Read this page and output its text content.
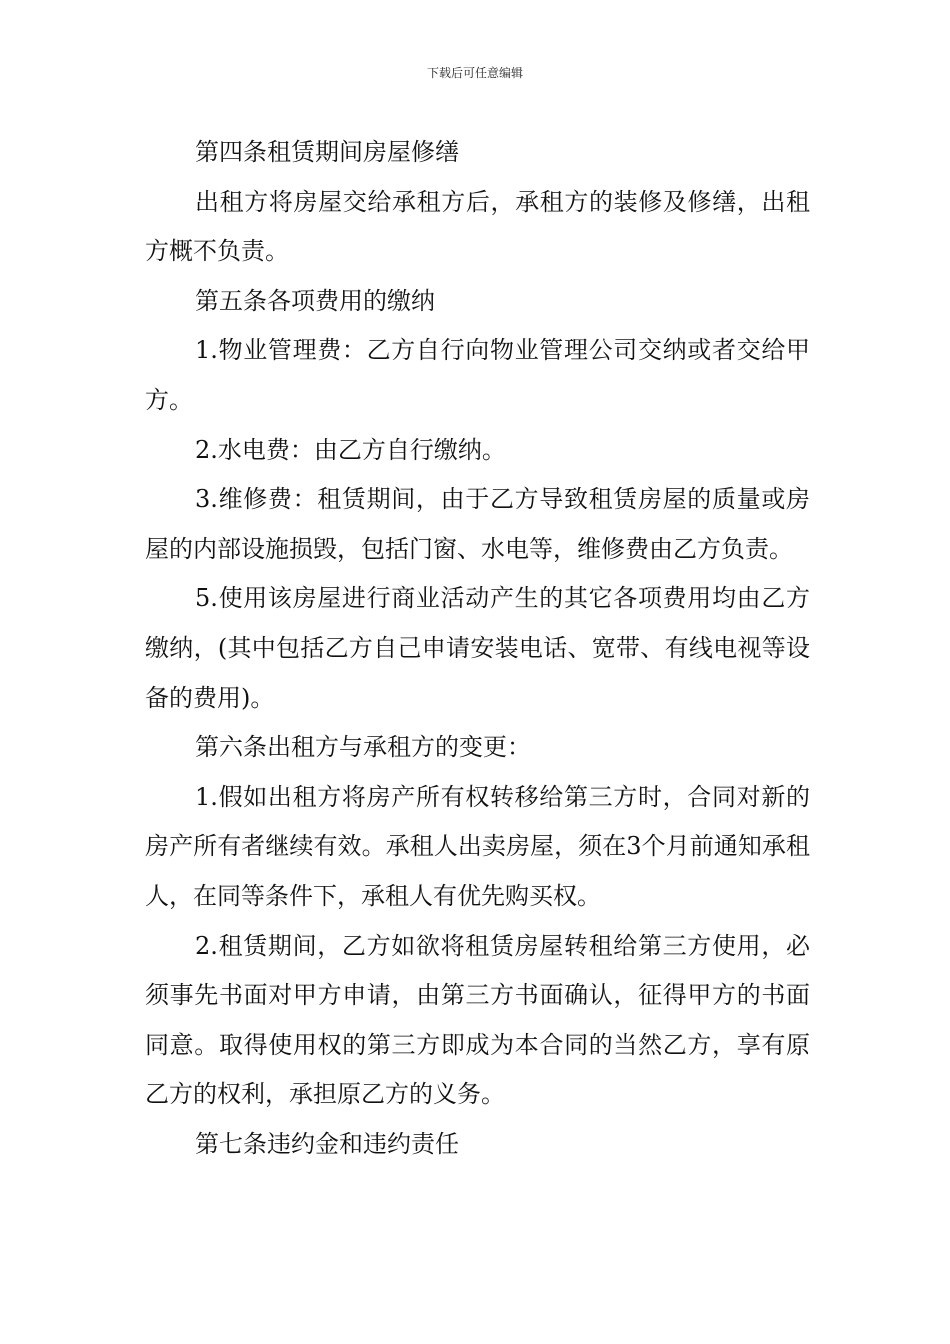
下载后可任意编辑

第四条租赁期间房屋修缮

出租方将房屋交给承租方后，承租方的装修及修缮，出租方概不负责。

第五条各项费用的缴纳

1.物业管理费：乙方自行向物业管理公司交纳或者交给甲方。

2.水电费：由乙方自行缴纳。

3.维修费：租赁期间，由于乙方导致租赁房屋的质量或房屋的内部设施损毁，包括门窗、水电等，维修费由乙方负责。

5.使用该房屋进行商业活动产生的其它各项费用均由乙方缴纳，(其中包括乙方自己申请安装电话、宽带、有线电视等设备的费用)。

第六条出租方与承租方的变更：

1.假如出租方将房产所有权转移给第三方时，合同对新的房产所有者继续有效。承租人出卖房屋，须在3个月前通知承租人，在同等条件下，承租人有优先购买权。

2.租赁期间，乙方如欲将租赁房屋转租给第三方使用，必须事先书面对甲方申请，由第三方书面确认，征得甲方的书面同意。取得使用权的第三方即成为本合同的当然乙方，享有原乙方的权利，承担原乙方的义务。

第七条违约金和违约责任
